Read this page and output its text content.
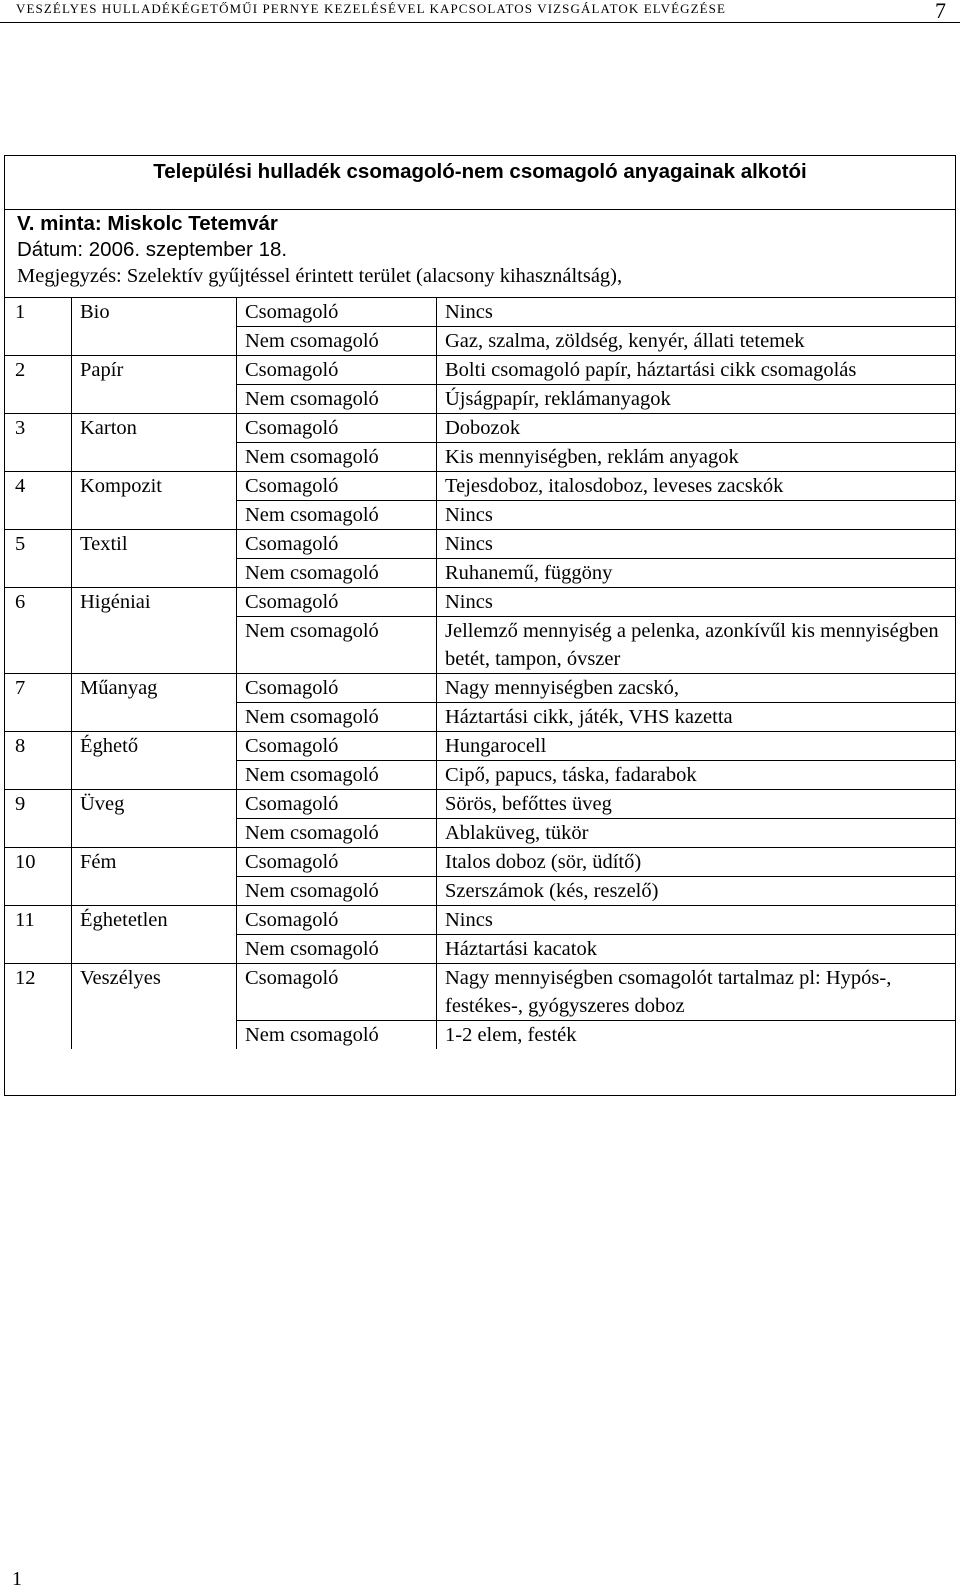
VESZÉLYES HULLADÉKÉGETŐMŰI PERNYE KEZELÉSÉVEL KAPCSOLATOS VIZSGÁLATOK ELVÉGZÉSE	7
Települési hulladék csomagoló-nem csomagoló anyagainak alkotói
V. minta: Miskolc Tetemvár
Dátum: 2006. szeptember 18.
Megjegyzés: Szelektív gyűjtéssel érintett terület (alacsony kihasználtság),
1	Bio	Csomagoló	Nincs
		Nem csomagoló	Gaz, szalma, zöldség, kenyér, állati tetemek
2	Papír	Csomagoló	Bolti csomagoló papír, háztartási cikk csomagolás
		Nem csomagoló	Újságpapír, reklámanyagok
3	Karton	Csomagoló	Dobozok
		Nem csomagoló	Kis mennyiségben, reklám anyagok
4	Kompozit	Csomagoló	Tejesdoboz, italosdoboz, leveses zacskók
		Nem csomagoló	Nincs
5	Textil	Csomagoló	Nincs
		Nem csomagoló	Ruhanemű, függöny
6	Higéniai	Csomagoló	Nincs
		Nem csomagoló	Jellemző mennyiség a pelenka, azonkívűl kis mennyiségben betét, tampon, óvszer
7	Műanyag	Csomagoló	Nagy mennyiségben zacskó,
		Nem csomagoló	Háztartási cikk, játék, VHS kazetta
8	Éghető	Csomagoló	Hungarocell
		Nem csomagoló	Cipő, papucs, táska, fadarabok
9	Üveg	Csomagoló	Sörös, befőttes üveg
		Nem csomagoló	Ablaküveg, tükör
10	Fém	Csomagoló	Italos doboz (sör, üdítő)
		Nem csomagoló	Szerszámok (kés, reszelő)
11	Éghetetlen	Csomagoló	Nincs
		Nem csomagoló	Háztartási kacatok
12	Veszélyes	Csomagoló	Nagy mennyiségben csomagolót tartalmaz pl: Hypós-, festékes-, gyógyszeres doboz
		Nem csomagoló	1-2 elem, festék
1
